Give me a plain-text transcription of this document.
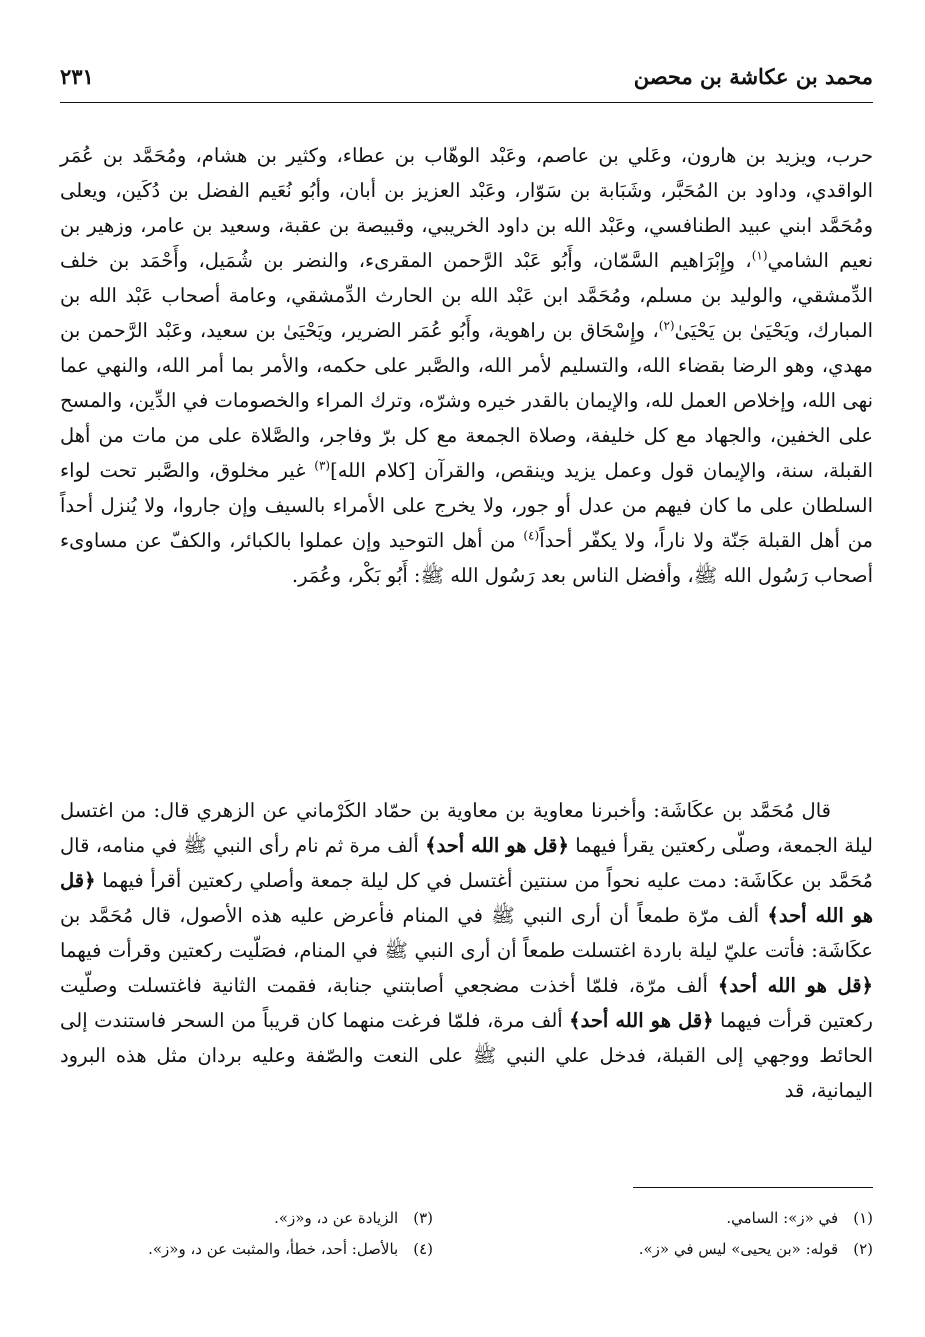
محمد بن عكاشة بن محصن
٢٣١

حرب، ويزيد بن هارون، وعَلي بن عاصم، وعَبْد الوهّاب بن عطاء، وكثير بن هشام، ومُحَمَّد بن عُمَر الواقدي، وداود بن المُحَبَّر، وشَبَابة بن سَوّار، وعَبْد العزيز بن أبان، وأبُو نُعَيم الفضل بن دُكَين، ويعلى ومُحَمَّد ابني عبيد الطنافسي، وعَبْد الله بن داود الخريبي، وقبيصة بن عقبة، وسعيد بن عامر، وزهير بن نعيم الشامي$^{(١)}$، وإِبْرَاهيم السَّمّان، وأَبُو عَبْد الرَّحمن المقرىء، والنضر بن شُمَيل، وأَحْمَد بن خلف الدِّمشقي، والوليد بن مسلم، ومُحَمَّد ابن عَبْد الله بن الحارث الدِّمشقي، وعامة أصحاب عَبْد الله بن المبارك، ويَحْيَىٰ بن يَحْيَىٰ$^{(٢)}$، وإِسْحَاق بن راهوية، وأَبُو عُمَر الضرير، ويَحْيَىٰ بن سعيد، وعَبْد الرَّحمن بن مهدي، وهو الرضا بقضاء الله، والتسليم لأمر الله، والصَّبر على حكمه، والأمر بما أمر الله، والنهي عما نهى الله، وإخلاص العمل لله، والإيمان بالقدر خيره وشرّه، وترك المراء والخصومات في الدِّين، والمسح على الخفين، والجهاد مع كل خليفة، وصلاة الجمعة مع كل برّ وفاجر، والصَّلاة على من مات من أهل القبلة، سنة، والإيمان قول وعمل يزيد وينقص، والقرآن [كلام الله]$^{(٣)}$ غير مخلوق، والصَّبر تحت لواء السلطان على ما كان فيهم من عدل أو جور، ولا يخرج على الأمراء بالسيف وإن جاروا، ولا يُنزل أحداً من أهل القبلة جَنّة ولا ناراً، ولا يكفّر أحداً$^{(٤)}$ من أهل التوحيد وإن عملوا بالكبائر، والكفّ عن مساوىء أصحاب رَسُول الله ﷺ، وأفضل الناس بعد رَسُول الله ﷺ: أَبُو بَكْر، وعُمَر.

قال مُحَمَّد بن عكَاشَة: وأخبرنا معاوية بن معاوية بن حمّاد الكَرْماني عن الزهري قال: من اغتسل ليلة الجمعة، وصلّى ركعتين يقرأ فيهما ﴿قل هو الله أحد﴾ ألف مرة ثم نام رأى النبي ﷺ في منامه، قال مُحَمَّد بن عكَاشَة: دمت عليه نحواً من سنتين أغتسل في كل ليلة جمعة وأصلي ركعتين أقرأ فيهما ﴿قل هو الله أحد﴾ ألف مرّة طمعاً أن أرى النبي ﷺ في المنام فأعرض عليه هذه الأصول، قال مُحَمَّد بن عكَاشَة: فأتت عليّ ليلة باردة اغتسلت طمعاً أن أرى النبي ﷺ في المنام، فصَلّيت ركعتين وقرأت فيهما ﴿قل هو الله أحد﴾ ألف مرّة، فلمّا أخذت مضجعي أصابتني جنابة، فقمت الثانية فاغتسلت وصلّيت ركعتين قرأت فيهما ﴿قل هو الله أحد﴾ ألف مرة، فلمّا فرغت منهما كان قريباً من السحر فاستندت إلى الحائط ووجهي إلى القبلة، فدخل علي النبي ﷺ على النعت والصّفة وعليه بردان مثل هذه البرود اليمانية، قد

(١) في «ز»: السامي.
(٢) قوله: «بن يحيى» ليس في «ز».
(٣) الزيادة عن د، و«ز».
(٤) بالأصل: أحد، خطأ، والمثبت عن د، و«ز».
